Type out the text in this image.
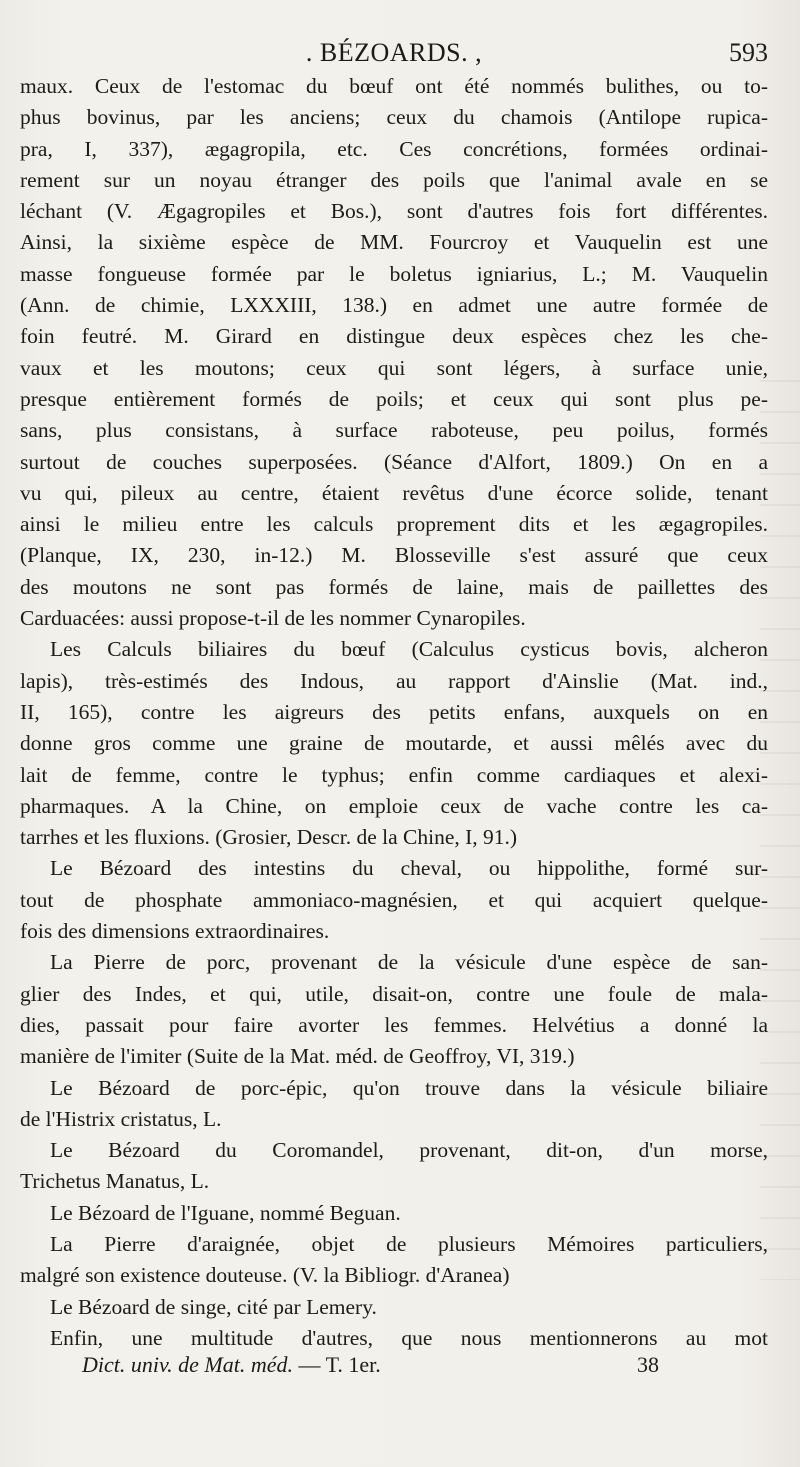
. BÉZOARDS. ,	593
maux. Ceux de l'estomac du bœuf ont été nommés bulithes, ou to-
phus bovinus, par les anciens; ceux du chamois (Antilope rupica-
pra, I, 337), ægagropila, etc. Ces concrétions, formées ordinai-
rement sur un noyau étranger des poils que l'animal avale en se
léchant (V. Ægagropiles et Bos.), sont d'autres fois fort différentes.
Ainsi, la sixième espèce de MM. Fourcroy et Vauquelin est une
masse fongueuse formée par le boletus igniarius, L.; M. Vauquelin
(Ann. de chimie, LXXXIII, 138.) en admet une autre formée de
foin feutré. M. Girard en distingue deux espèces chez les che-
vaux et les moutons; ceux qui sont légers, à surface unie,
presque entièrement formés de poils; et ceux qui sont plus pe-
sans, plus consistans, à surface raboteuse, peu poilus, formés
surtout de couches superposées. (Séance d'Alfort, 1809.) On en a
vu qui, pileux au centre, étaient revêtus d'une écorce solide, tenant
ainsi le milieu entre les calculs proprement dits et les ægagropiles.
(Planque, IX, 230, in-12.) M. Blosseville s'est assuré que ceux
des moutons ne sont pas formés de laine, mais de paillettes des
Carduacées: aussi propose-t-il de les nommer Cynaropiles.
Les Calculs biliaires du bœuf (Calculus cysticus bovis, alcheron
lapis), très-estimés des Indous, au rapport d'Ainslie (Mat. ind.,
II, 165), contre les aigreurs des petits enfans, auxquels on en
donne gros comme une graine de moutarde, et aussi mêlés avec du
lait de femme, contre le typhus; enfin comme cardiaques et alexi-
pharmaques. A la Chine, on emploie ceux de vache contre les ca-
tarrhes et les fluxions. (Grosier, Descr. de la Chine, I, 91.)
Le Bézoard des intestins du cheval, ou hippolithe, formé sur-
tout de phosphate ammoniaco-magnésien, et qui acquiert quelque-
fois des dimensions extraordinaires.
La Pierre de porc, provenant de la vésicule d'une espèce de san-
glier des Indes, et qui, utile, disait-on, contre une foule de mala-
dies, passait pour faire avorter les femmes. Helvétius a donné la
manière de l'imiter (Suite de la Mat. méd. de Geoffroy, VI, 319.)
Le Bézoard de porc-épic, qu'on trouve dans la vésicule biliaire
de l'Histrix cristatus, L.
Le Bézoard du Coromandel, provenant, dit-on, d'un morse,
Trichetus Manatus, L.
Le Bézoard de l'Iguane, nommé Beguan.
La Pierre d'araignée, objet de plusieurs Mémoires particuliers,
malgré son existence douteuse. (V. la Bibliogr. d'Aranea)
Le Bézoard de singe, cité par Lemery.
Enfin, une multitude d'autres, que nous mentionnerons au mot
Dict. univ. de Mat. méd. — T. 1er.	38
